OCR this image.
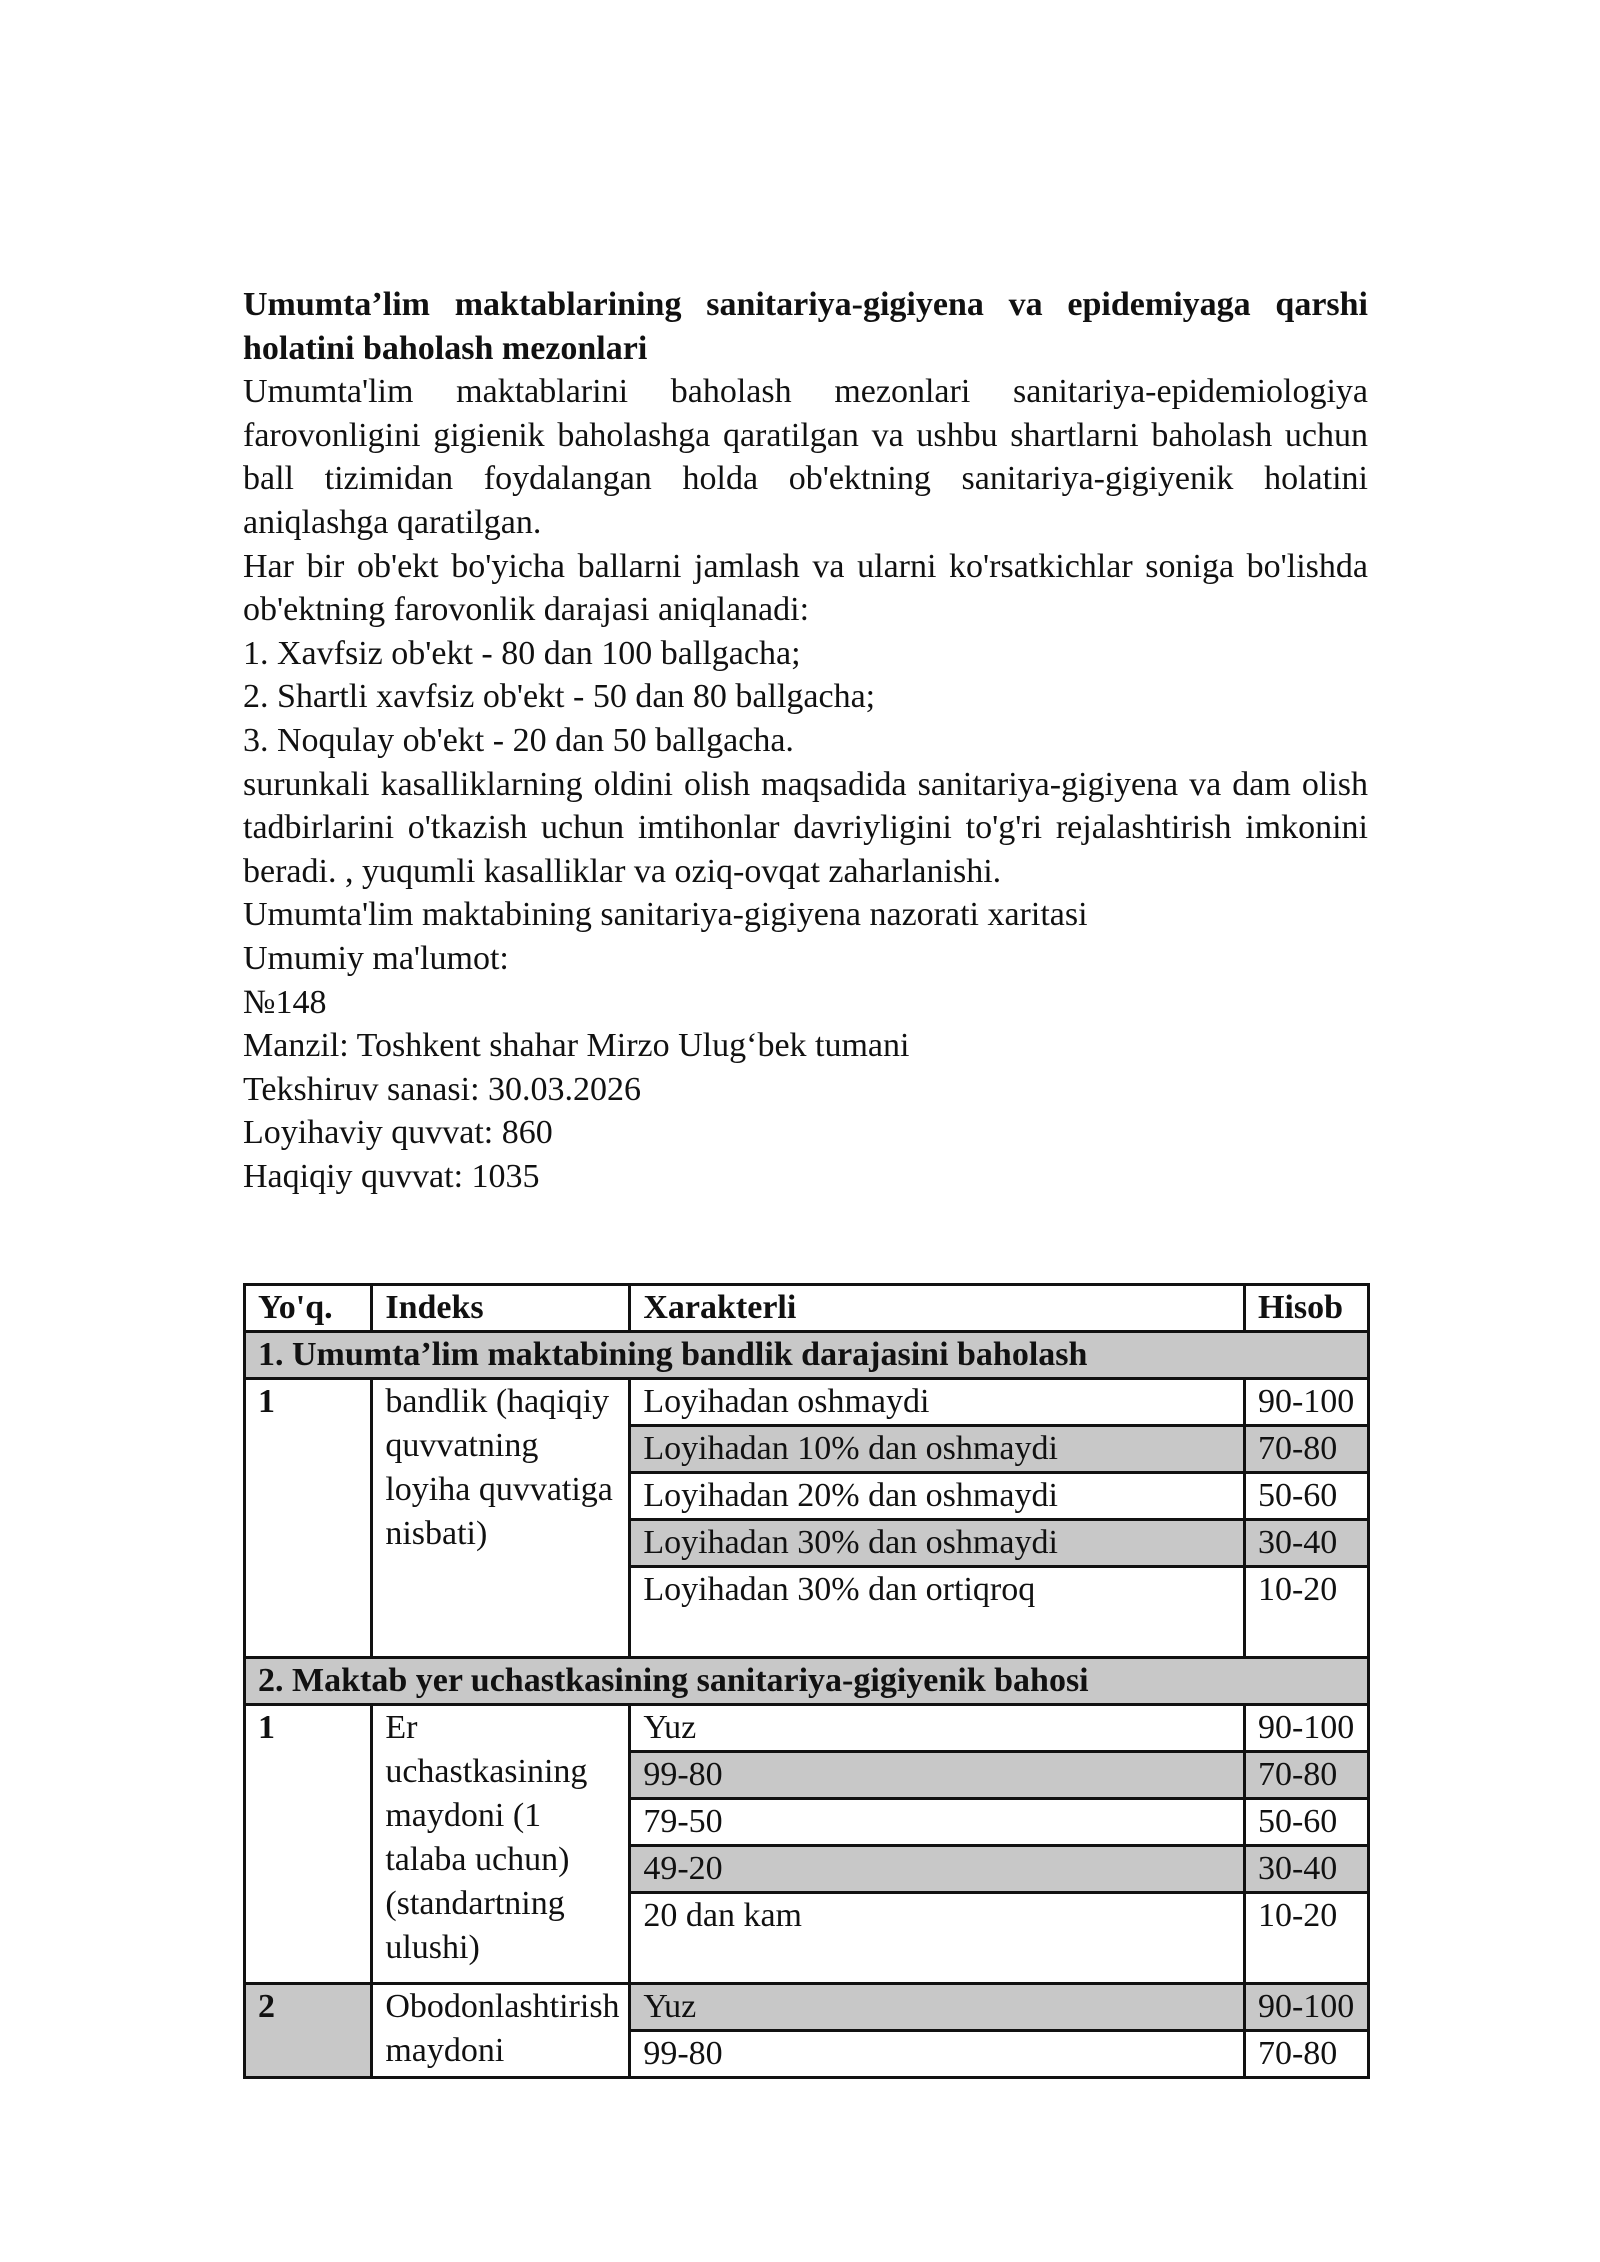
Umumta’lim maktablarining sanitariya-gigiyena va epidemiyaga qarshi holatini baholash mezonlari

Umumta'lim maktablarini baholash mezonlari sanitariya-epidemiologiya farovonligini gigienik baholashga qaratilgan va ushbu shartlarni baholash uchun ball tizimidan foydalangan holda ob'ektning sanitariya-gigiyenik holatini aniqlashga qaratilgan.

Har bir ob'ekt bo'yicha ballarni jamlash va ularni ko'rsatkichlar soniga bo'lishda ob'ektning farovonlik darajasi aniqlanadi:

1. Xavfsiz ob'ekt - 80 dan 100 ballgacha;

2. Shartli xavfsiz ob'ekt - 50 dan 80 ballgacha;

3. Noqulay ob'ekt - 20 dan 50 ballgacha.

surunkali kasalliklarning oldini olish maqsadida sanitariya-gigiyena va dam olish tadbirlarini o'tkazish uchun imtihonlar davriyligini to'g'ri rejalashtirish imkonini beradi. , yuqumli kasalliklar va oziq-ovqat zaharlanishi.

Umumta'lim maktabining sanitariya-gigiyena nazorati xaritasi

Umumiy ma'lumot:

№148

Manzil: Toshkent shahar Mirzo Ulug‘bek tumani

Tekshiruv sanasi: 30.03.2026

Loyihaviy quvvat: 860

Haqiqiy quvvat: 1035

Yo'q.	Indeks	Xarakterli	Hisob
1. Umumta’lim maktabining bandlik darajasini baholash			
1	bandlik (haqiqiy quvvatning loyiha quvvatiga nisbati)	Loyihadan oshmaydi	90-100
		Loyihadan 10% dan oshmaydi	70-80
		Loyihadan 20% dan oshmaydi	50-60
		Loyihadan 30% dan oshmaydi	30-40
		Loyihadan 30% dan ortiqroq	10-20
2. Maktab yer uchastkasining sanitariya-gigiyenik bahosi			
1	Er uchastkasining maydoni (1 talaba uchun) (standartning ulushi)	Yuz	90-100
		99-80	70-80
		79-50	50-60
		49-20	30-40
		20 dan kam	10-20
2	Obodonlashtirish maydoni	Yuz	90-100
		99-80	70-80
